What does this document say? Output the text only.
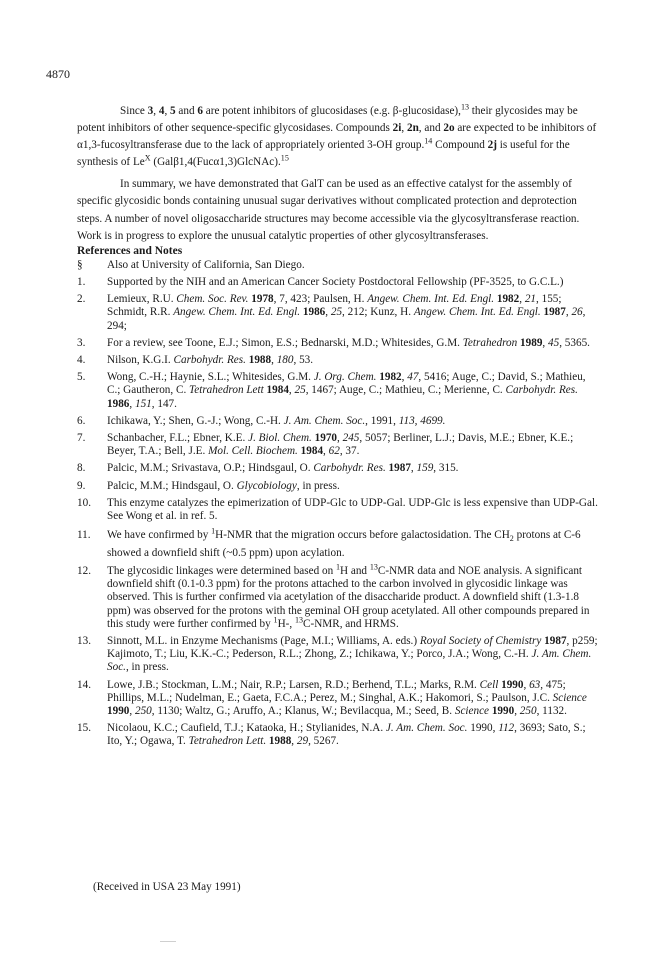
4870

Since 3, 4, 5 and 6 are potent inhibitors of glucosidases (e.g. β-glucosidase),$^{13}$ their glycosides may be potent inhibitors of other sequence-specific glycosidases. Compounds 2i, 2n, and 2o are expected to be inhibitors of α1,3-fucosyltransferase due to the lack of appropriately oriented 3-OH group.$^{14}$ Compound 2j is useful for the synthesis of $Le^X$ (Galβ1,4(Fucα1,3)GlcNAc).$^{15}$

In summary, we have demonstrated that GalT can be used as an effective catalyst for the assembly of specific glycosidic bonds containing unusual sugar derivatives without complicated protection and deprotection steps. A number of novel oligosaccharide structures may become accessible via the glycosyltransferase reaction. Work is in progress to explore the unusual catalytic properties of other glycosyltransferases.

References and Notes
§	Also at University of California, San Diego.
1.	Supported by the NIH and an American Cancer Society Postdoctoral Fellowship (PF-3525, to G.C.L.)
2.	Lemieux, R.U. Chem. Soc. Rev. 1978, 7, 423; Paulsen, H. Angew. Chem. Int. Ed. Engl. 1982, 21, 155; Schmidt, R.R. Angew. Chem. Int. Ed. Engl. 1986, 25, 212; Kunz, H. Angew. Chem. Int. Ed. Engl. 1987, 26, 294;
3.	For a review, see Toone, E.J.; Simon, E.S.; Bednarski, M.D.; Whitesides, G.M. Tetrahedron 1989, 45, 5365.
4.	Nilson, K.G.I. Carbohydr. Res. 1988, 180, 53.
5.	Wong, C.-H.; Haynie, S.L.; Whitesides, G.M. J. Org. Chem. 1982, 47, 5416; Auge, C.; David, S.; Mathieu, C.; Gautheron, C. Tetrahedron Lett 1984, 25, 1467; Auge, C.; Mathieu, C.; Merienne, C. Carbohydr. Res. 1986, 151, 147.
6.	Ichikawa, Y.; Shen, G.-J.; Wong, C.-H. J. Am. Chem. Soc., 1991, 113, 4699.
7.	Schanbacher, F.L.; Ebner, K.E. J. Biol. Chem. 1970, 245, 5057; Berliner, L.J.; Davis, M.E.; Ebner, K.E.; Beyer, T.A.; Bell, J.E. Mol. Cell. Biochem. 1984, 62, 37.
8.	Palcic, M.M.; Srivastava, O.P.; Hindsgaul, O. Carbohydr. Res. 1987, 159, 315.
9.	Palcic, M.M.; Hindsgaul, O. Glycobiology, in press.
10.	This enzyme catalyzes the epimerization of UDP-Glc to UDP-Gal. UDP-Glc is less expensive than UDP-Gal. See Wong et al. in ref. 5.
11.	We have confirmed by $^1$H-NMR that the migration occurs before galactosidation. The $CH_2$ protons at C-6 showed a downfield shift (~0.5 ppm) upon acylation.
12.	The glycosidic linkages were determined based on $^1$H and $^{13}$C-NMR data and NOE analysis. A significant downfield shift (0.1-0.3 ppm) for the protons attached to the carbon involved in glycosidic linkage was observed. This is further confirmed via acetylation of the disaccharide product. A downfield shift (1.3-1.8 ppm) was observed for the protons with the geminal OH group acetylated. All other compounds prepared in this study were further confirmed by $^1$H-, $^{13}$C-NMR, and HRMS.
13.	Sinnott, M.L. in Enzyme Mechanisms (Page, M.I.; Williams, A. eds.) Royal Society of Chemistry 1987, p259; Kajimoto, T.; Liu, K.K.-C.; Pederson, R.L.; Zhong, Z.; Ichikawa, Y.; Porco, J.A.; Wong, C.-H. J. Am. Chem. Soc., in press.
14.	Lowe, J.B.; Stockman, L.M.; Nair, R.P.; Larsen, R.D.; Berhend, T.L.; Marks, R.M. Cell 1990, 63, 475; Phillips, M.L.; Nudelman, E.; Gaeta, F.C.A.; Perez, M.; Singhal, A.K.; Hakomori, S.; Paulson, J.C. Science 1990, 250, 1130; Waltz, G.; Aruffo, A.; Klanus, W.; Bevilacqua, M.; Seed, B. Science 1990, 250, 1132.
15.	Nicolaou, K.C.; Caufield, T.J.; Kataoka, H.; Stylianides, N.A. J. Am. Chem. Soc. 1990, 112, 3693; Sato, S.; Ito, Y.; Ogawa, T. Tetrahedron Lett. 1988, 29, 5267.
(Received in USA 23 May 1991)
